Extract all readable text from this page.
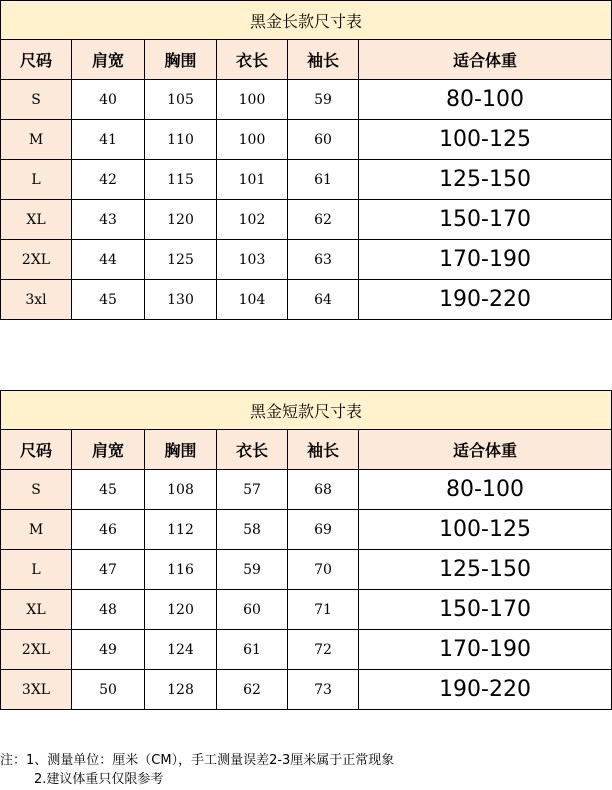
黑金长款尺寸表					
尺码	肩宽	胸围	衣长	袖长	适合体重
S	40	105	100	59	80-100
M	41	110	100	60	100-125
L	42	115	101	61	125-150
XL	43	120	102	62	150-170
2XL	44	125	103	63	170-190
3xl	45	130	104	64	190-220
黑金短款尺寸表					
尺码	肩宽	胸围	衣长	袖长	适合体重
S	45	108	57	68	80-100
M	46	112	58	69	100-125
L	47	116	59	70	125-150
XL	48	120	60	71	150-170
2XL	49	124	61	72	170-190
3XL	50	128	62	73	190-220
注：1、测量单位：厘米（CM），手工测量误差2-3厘米属于正常现象
2.建议体重只仅限参考
